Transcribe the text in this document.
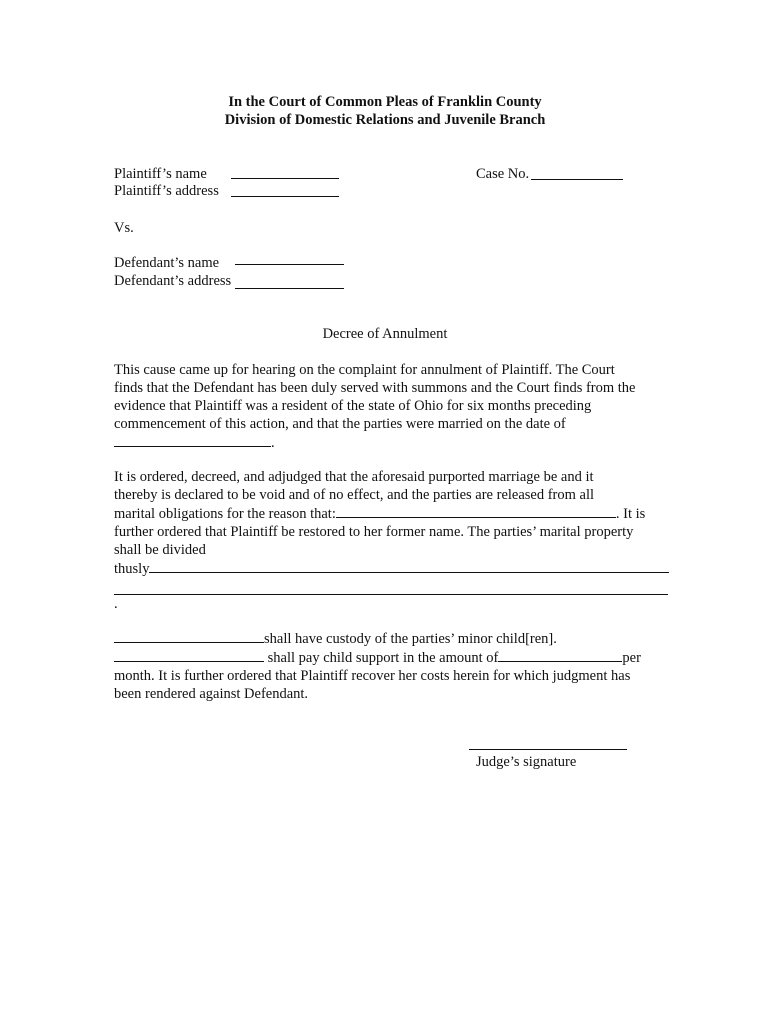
In the Court of Common Pleas of Franklin County
Division of Domestic Relations and Juvenile Branch
Plaintiff’s name
Plaintiff’s address
Case No.
Vs.
Defendant’s name
Defendant’s address
Decree of Annulment
This cause came up for hearing on the complaint for annulment of Plaintiff. The Court
finds that the Defendant has been duly served with summons and the Court finds from the
evidence that Plaintiff was a resident of the state of Ohio for six months preceding
commencement of this action, and that the parties were married on the date of
.
It is ordered, decreed, and adjudged that the aforesaid purported marriage be and it
thereby is declared to be void and of no effect, and the parties are released from all
marital obligations for the reason that:	. It is
further ordered that Plaintiff be restored to her former name. The parties’ marital property
shall be divided
thusly
.
shall have custody of the parties’ minor child[ren].
shall pay child support in the amount of	per
month. It is further ordered that Plaintiff recover her costs herein for which judgment has
been rendered against Defendant.
Judge’s signature
